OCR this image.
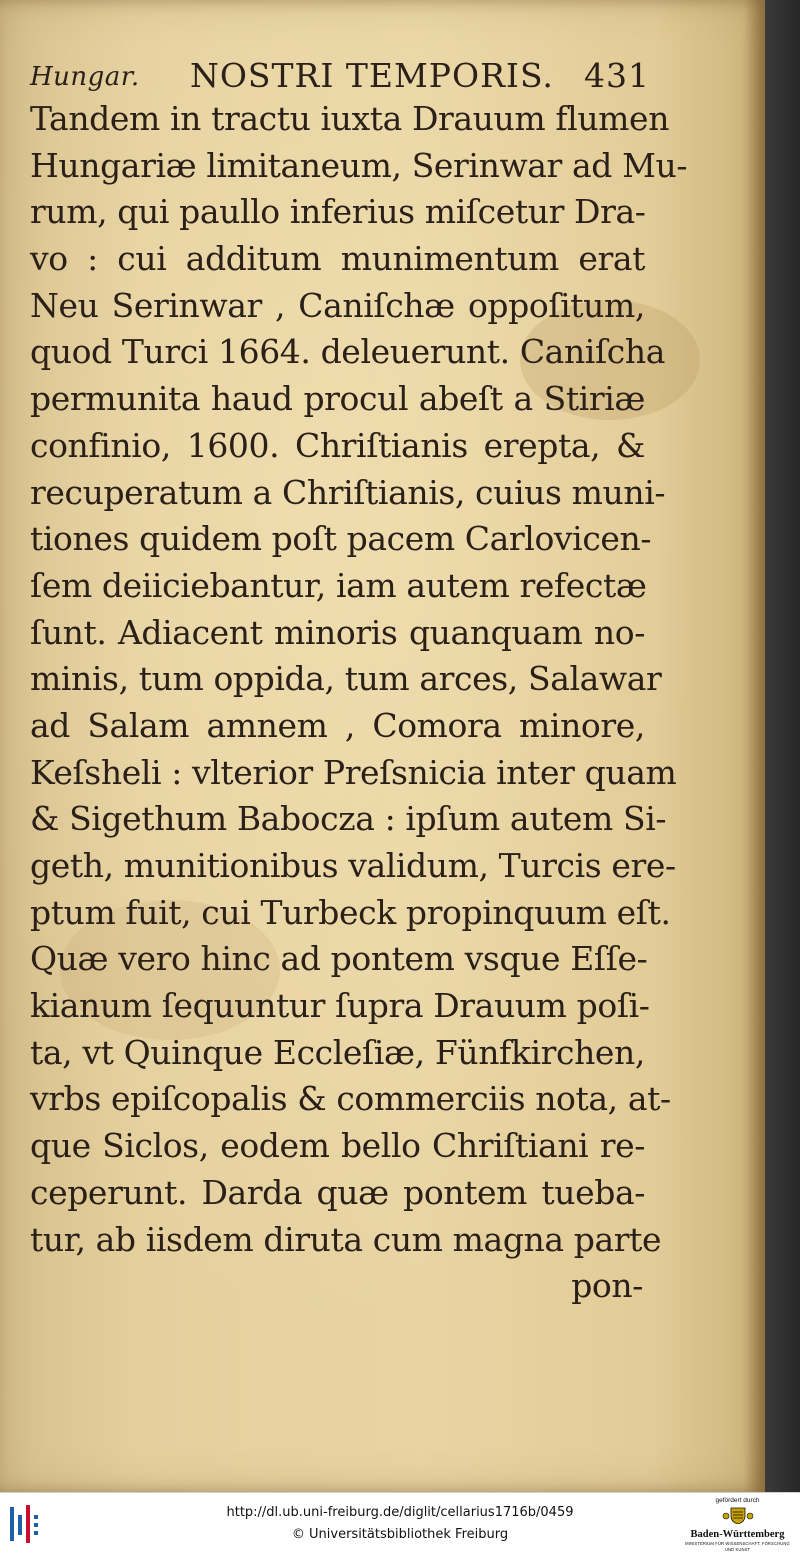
Hungar. NOSTRI TEMPORIS. 431
Tandem in tractu iuxta Drauum flumen
Hungariæ limitaneum, Serinwar ad Mu-
rum, qui paullo inferius miſcetur Dra-
vo : cui additum munimentum erat
Neu Serinwar , Caniſchæ oppoſitum,
quod Turci 1664. deleuerunt. Caniſcha
permunita haud procul abeſt a Stiriæ
confinio, 1600. Chriſtianis erepta, &
recuperatum a Chriſtianis, cuius muni-
tiones quidem poſt pacem Carlovicen-
ſem deiiciebantur, iam autem refectæ
ſunt. Adiacent minoris quanquam no-
minis, tum oppida, tum arces, Salawar
ad Salam amnem , Comora minore,
Keſsheli : vlterior Preſsnicia inter quam
& Sigethum Babocza : ipſum autem Si-
geth, munitionibus validum, Turcis ere-
ptum fuit, cui Turbeck propinquum eſt.
Quæ vero hinc ad pontem vsque Eſſe-
kianum ſequuntur ſupra Drauum poſi-
ta, vt Quinque Eccleſiæ, Fünfkirchen,
vrbs epiſcopalis & commerciis nota, at-
que Siclos, eodem bello Chriſtiani re-
ceperunt. Darda quæ pontem tueba-
tur, ab iisdem diruta cum magna parte
pon-
http://dl.ub.uni-freiburg.de/diglit/cellarius1716b/0459
© Universitätsbibliothek Freiburg
gefördert durch
Baden-Württemberg
MINISTERIUM FÜR WISSENSCHAFT, FORSCHUNG UND KUNST
